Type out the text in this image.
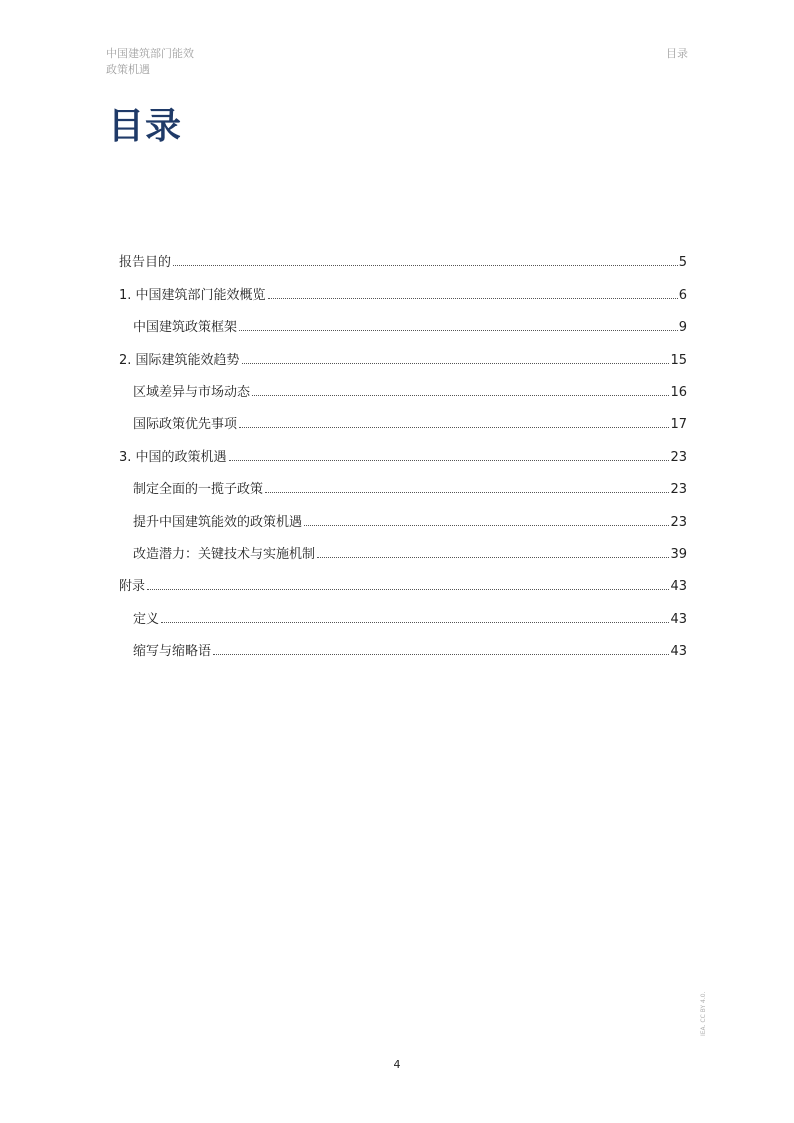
中国建筑部门能效
政策机遇
目录
目录
报告目的	5
1. 中国建筑部门能效概览	6
中国建筑政策框架	9
2. 国际建筑能效趋势	15
区域差异与市场动态	16
国际政策优先事项	17
3. 中国的政策机遇	23
制定全面的一揽子政策	23
提升中国建筑能效的政策机遇	23
改造潜力：关键技术与实施机制	39
附录	43
定义	43
缩写与缩略语	43
4
IEA. CC BY 4.0.
